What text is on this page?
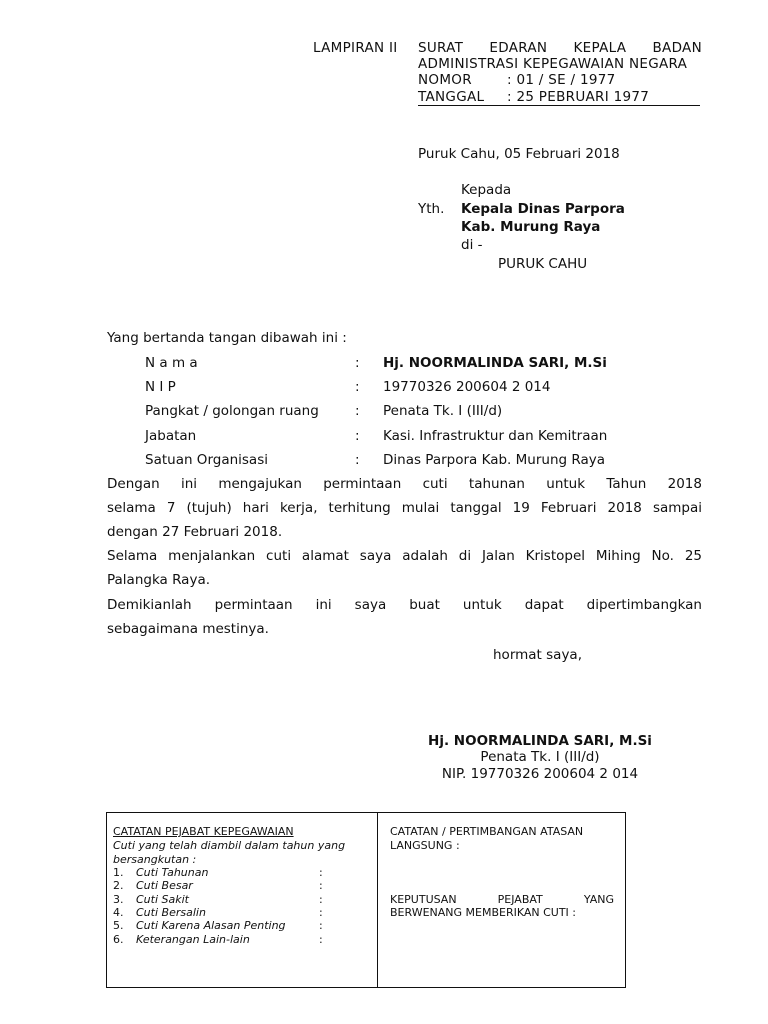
LAMPIRAN II SURAT EDARAN KEPALA BADAN
ADMINISTRASI KEPEGAWAIAN NEGARA
NOMOR	: 01 / SE / 1977
TANGGAL : 25 PEBRUARI 1977
Puruk Cahu, 05 Februari 2018
Kepada
Yth. Kepala Dinas Parpora
Kab. Murung Raya
di -
PURUK CAHU
Yang bertanda tangan dibawah ini :
N a m a	: Hj. NOORMALINDA SARI, M.Si
N I P	: 19770326 200604 2 014
Pangkat / golongan ruang	: Penata Tk. I (III/d)
Jabatan	: Kasi. Infrastruktur dan Kemitraan
Satuan Organisasi	: Dinas Parpora Kab. Murung Raya
Dengan ini mengajukan permintaan cuti tahunan untuk Tahun 2018
selama 7 (tujuh) hari kerja, terhitung mulai tanggal 19 Februari 2018 sampai
dengan 27 Februari 2018.
Selama menjalankan cuti alamat saya adalah di Jalan Kristopel Mihing No. 25
Palangka Raya.
Demikianlah permintaan ini saya buat untuk dapat dipertimbangkan
sebagaimana mestinya.
hormat saya,
Hj. NOORMALINDA SARI, M.Si
Penata Tk. I (III/d)
NIP. 19770326 200604 2 014
CATATAN PEJABAT KEPEGAWAIAN
Cuti yang telah diambil dalam tahun yang
bersangkutan :
1. Cuti Tahunan	:
2. Cuti Besar	:
3. Cuti Sakit	:
4. Cuti Bersalin	:
5. Cuti Karena Alasan Penting	:
6. Keterangan Lain-lain	:
CATATAN / PERTIMBANGAN ATASAN
LANGSUNG :
KEPUTUSAN PEJABAT YANG
BERWENANG MEMBERIKAN CUTI :
